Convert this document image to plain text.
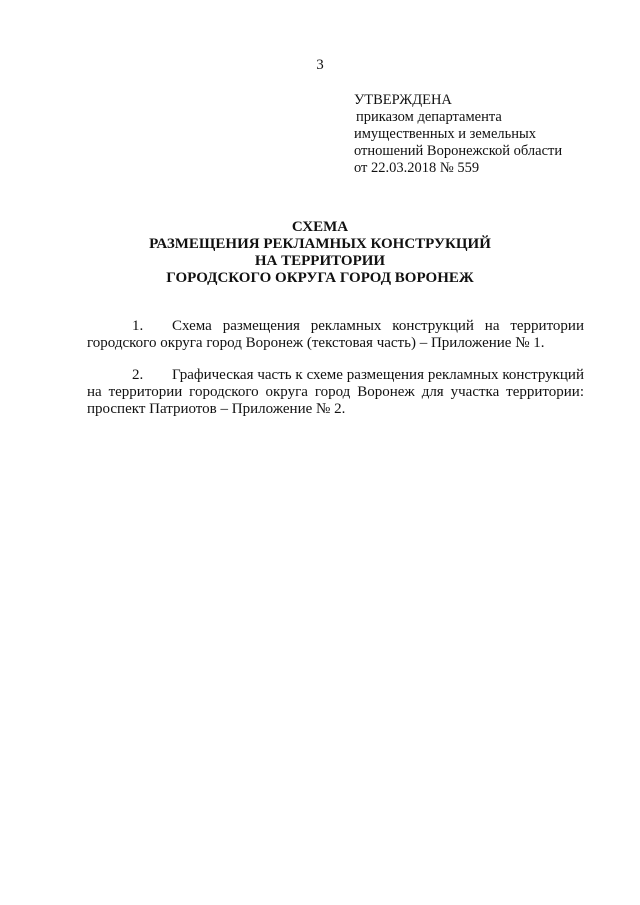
3
УТВЕРЖДЕНА
приказом департамента
имущественных и земельных
отношений Воронежской области
от 22.03.2018 № 559
СХЕМА
РАЗМЕЩЕНИЯ РЕКЛАМНЫХ КОНСТРУКЦИЙ
НА ТЕРРИТОРИИ
ГОРОДСКОГО ОКРУГА ГОРОД ВОРОНЕЖ
1. Схема размещения рекламных конструкций на территории городского округа город Воронеж (текстовая часть) – Приложение № 1.
2. Графическая часть к схеме размещения рекламных конструкций на территории городского округа город Воронеж для участка территории: проспект Патриотов – Приложение № 2.
